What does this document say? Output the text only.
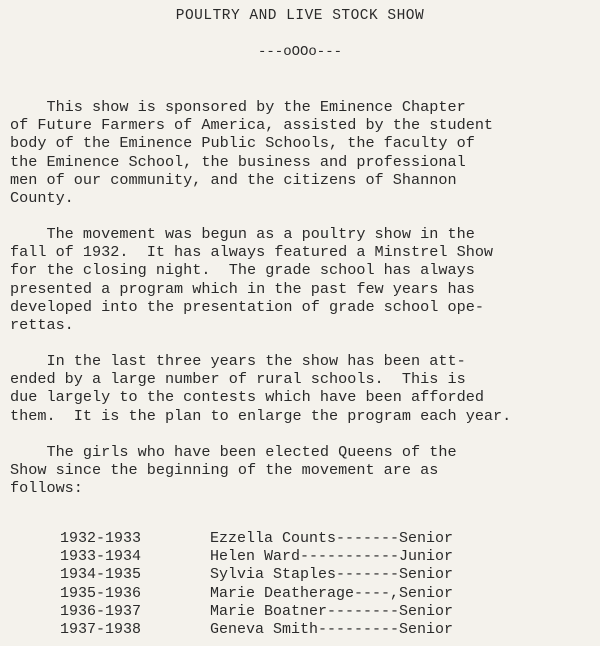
POULTRY AND LIVE STOCK SHOW
---oOOo---
This show is sponsored by the Eminence Chapter
of Future Farmers of America, assisted by the student
body of the Eminence Public Schools, the faculty of
the Eminence School, the business and professional
men of our community, and the citizens of Shannon
County.
The movement was begun as a poultry show in the
fall of 1932.  It has always featured a Minstrel Show
for the closing night.  The grade school has always
presented a program which in the past few years has
developed into the presentation of grade school ope-
rettas.
In the last three years the show has been att-
ended by a large number of rural schools.  This is
due largely to the contests which have been afforded
them.  It is the plan to enlarge the program each year.
The girls who have been elected Queens of the
Show since the beginning of the movement are as
follows:
1932-1933	Ezzella Counts-------Senior
1933-1934	Helen Ward-----------Junior
1934-1935	Sylvia Staples-------Senior
1935-1936	Marie Deatherage----,Senior
1936-1937	Marie Boatner--------Senior
1937-1938	Geneva Smith---------Senior
